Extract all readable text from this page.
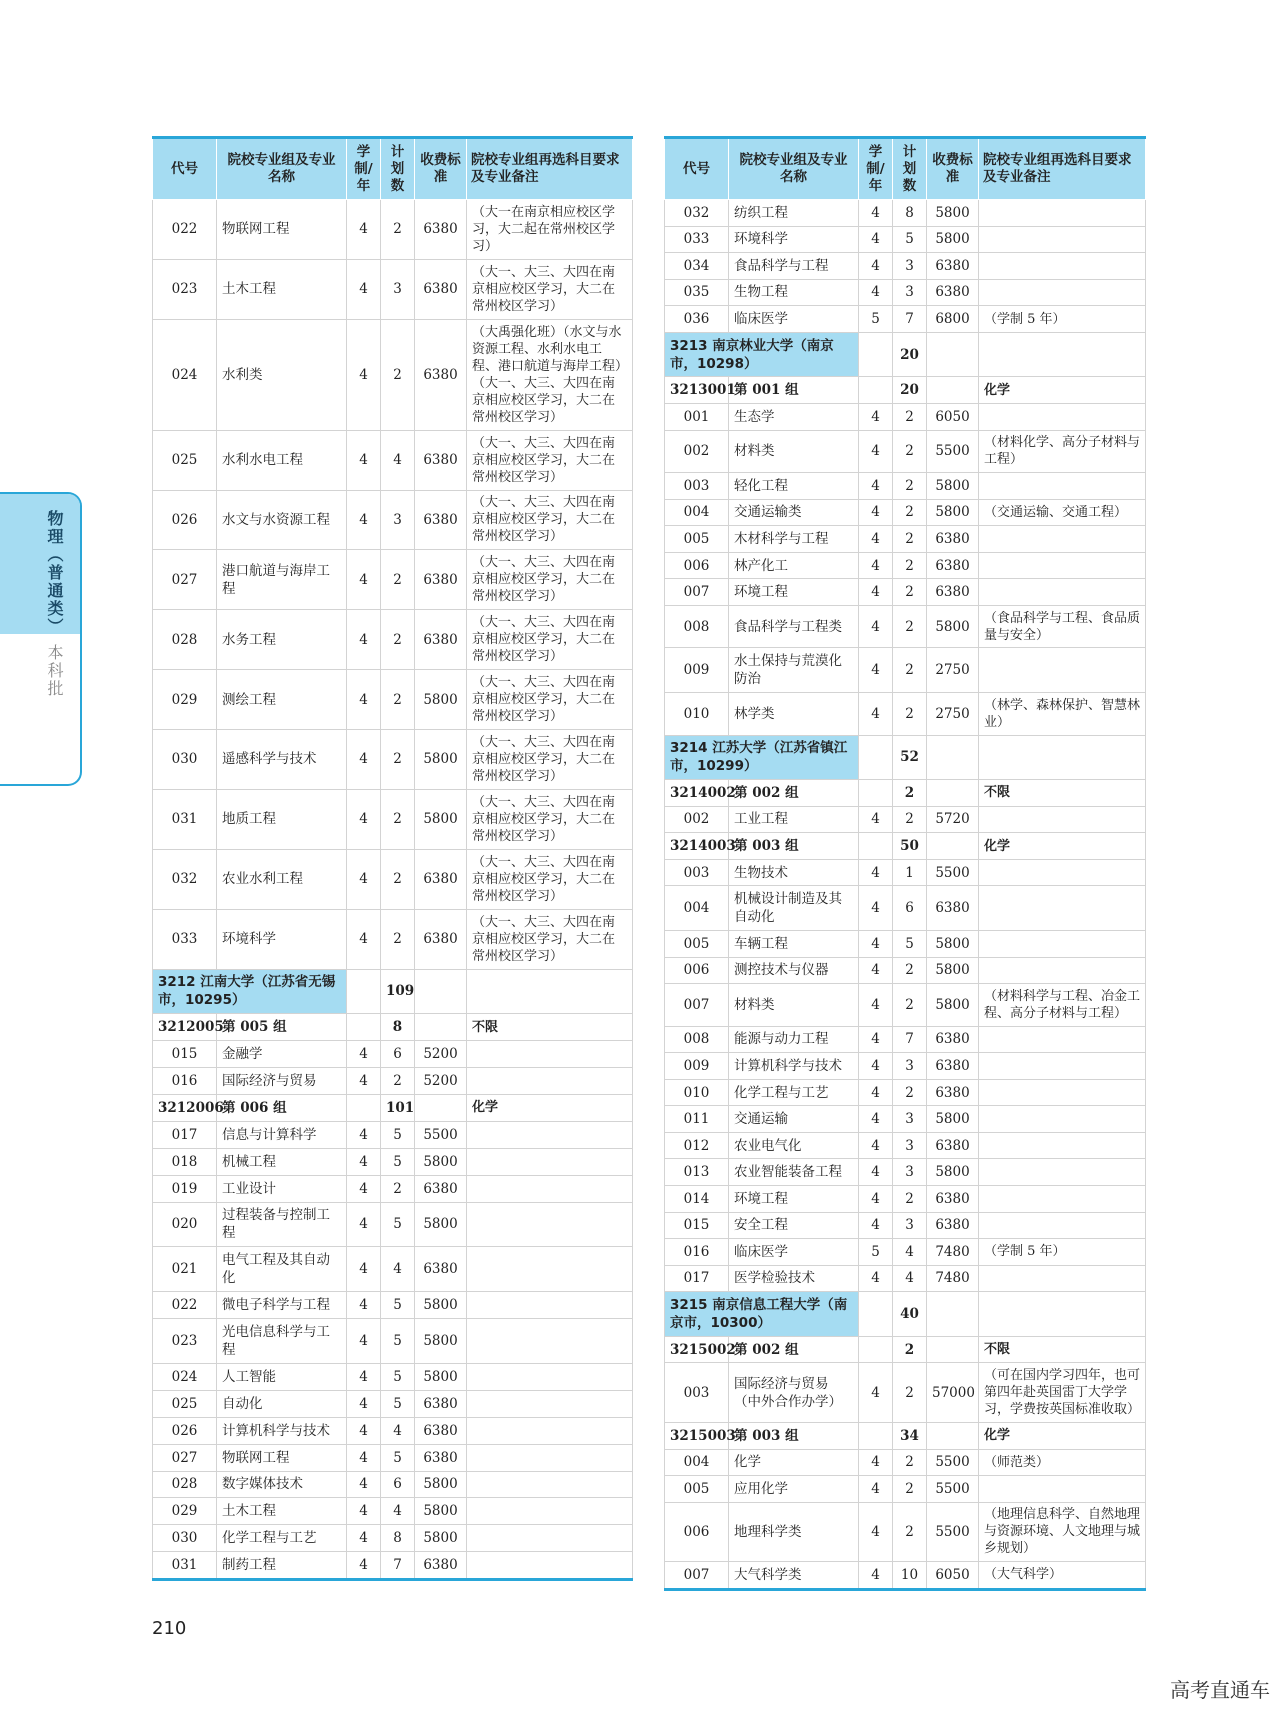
代号	院校专业组及专业名称	学制/年	计划数	收费标准	院校专业组再选科目要求及专业备注
022	物联网工程	4	2	6380	（大一在南京相应校区学习，大二起在常州校区学习）
023	土木工程	4	3	6380	（大一、大三、大四在南京相应校区学习，大二在常州校区学习）
024	水利类	4	2	6380	（大禹强化班）（水文与水资源工程、水利水电工程、港口航道与海岸工程）（大一、大三、大四在南京相应校区学习，大二在常州校区学习）
025	水利水电工程	4	4	6380	（大一、大三、大四在南京相应校区学习，大二在常州校区学习）
026	水文与水资源工程	4	3	6380	（大一、大三、大四在南京相应校区学习，大二在常州校区学习）
027	港口航道与海岸工程	4	2	6380	（大一、大三、大四在南京相应校区学习，大二在常州校区学习）
028	水务工程	4	2	6380	（大一、大三、大四在南京相应校区学习，大二在常州校区学习）
029	测绘工程	4	2	5800	（大一、大三、大四在南京相应校区学习，大二在常州校区学习）
030	遥感科学与技术	4	2	5800	（大一、大三、大四在南京相应校区学习，大二在常州校区学习）
031	地质工程	4	2	5800	（大一、大三、大四在南京相应校区学习，大二在常州校区学习）
032	农业水利工程	4	2	6380	（大一、大三、大四在南京相应校区学习，大二在常州校区学习）
033	环境科学	4	2	6380	（大一、大三、大四在南京相应校区学习，大二在常州校区学习）
3212 江南大学（江苏省无锡市，10295）			109		
3212005	第 005 组		8		不限
015	金融学	4	6	5200	
016	国际经济与贸易	4	2	5200	
3212006	第 006 组		101		化学
017	信息与计算科学	4	5	5500	
018	机械工程	4	5	5800	
019	工业设计	4	2	6380	
020	过程装备与控制工程	4	5	5800	
021	电气工程及其自动化	4	4	6380	
022	微电子科学与工程	4	5	5800	
023	光电信息科学与工程	4	5	5800	
024	人工智能	4	5	5800	
025	自动化	4	5	6380	
026	计算机科学与技术	4	4	6380	
027	物联网工程	4	5	6380	
028	数字媒体技术	4	6	5800	
029	土木工程	4	4	5800	
030	化学工程与工艺	4	8	5800	
031	制药工程	4	7	6380	
代号	院校专业组及专业名称	学制/年	计划数	收费标准	院校专业组再选科目要求及专业备注
032	纺织工程	4	8	5800	
033	环境科学	4	5	5800	
034	食品科学与工程	4	3	6380	
035	生物工程	4	3	6380	
036	临床医学	5	7	6800	（学制 5 年）
3213 南京林业大学（南京市，10298）			20		
3213001	第 001 组		20		化学
001	生态学	4	2	6050	
002	材料类	4	2	5500	（材料化学、高分子材料与工程）
003	轻化工程	4	2	5800	
004	交通运输类	4	2	5800	（交通运输、交通工程）
005	木材科学与工程	4	2	6380	
006	林产化工	4	2	6380	
007	环境工程	4	2	6380	
008	食品科学与工程类	4	2	5800	（食品科学与工程、食品质量与安全）
009	水土保持与荒漠化防治	4	2	2750	
010	林学类	4	2	2750	（林学、森林保护、智慧林业）
3214 江苏大学（江苏省镇江市，10299）			52		
3214002	第 002 组		2		不限
002	工业工程	4	2	5720	
3214003	第 003 组		50		化学
003	生物技术	4	1	5500	
004	机械设计制造及其自动化	4	6	6380	
005	车辆工程	4	5	5800	
006	测控技术与仪器	4	2	5800	
007	材料类	4	2	5800	（材料科学与工程、冶金工程、高分子材料与工程）
008	能源与动力工程	4	7	6380	
009	计算机科学与技术	4	3	6380	
010	化学工程与工艺	4	2	6380	
011	交通运输	4	3	5800	
012	农业电气化	4	3	6380	
013	农业智能装备工程	4	3	5800	
014	环境工程	4	2	6380	
015	安全工程	4	3	6380	
016	临床医学	5	4	7480	（学制 5 年）
017	医学检验技术	4	4	7480	
3215 南京信息工程大学（南京市，10300）			40		
3215002	第 002 组		2		不限
003	国际经济与贸易（中外合作办学）	4	2	57000	（可在国内学习四年，也可第四年赴英国雷丁大学学习，学费按英国标准收取）
3215003	第 003 组		34		化学
004	化学	4	2	5500	（师范类）
005	应用化学	4	2	5500	
006	地理科学类	4	2	5500	（地理信息科学、自然地理与资源环境、人文地理与城乡规划）
007	大气科学类	4	10	6050	（大气科学）
物理（普通类）
本科批
210
高考直通车
